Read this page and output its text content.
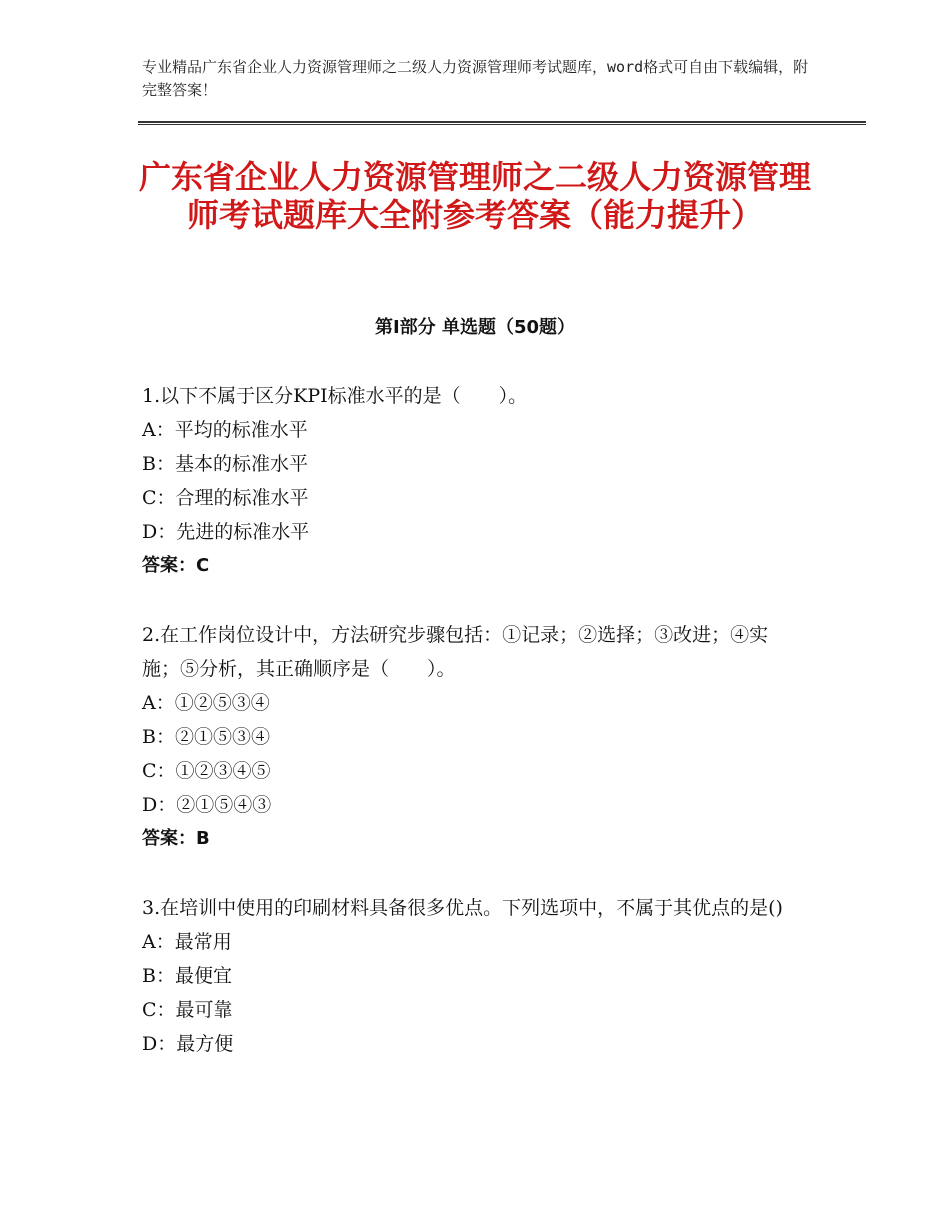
专业精品广东省企业人力资源管理师之二级人力资源管理师考试题库，word格式可自由下载编辑，附完整答案！
广东省企业人力资源管理师之二级人力资源管理师考试题库大全附参考答案（能力提升）
第Ⅰ部分 单选题（50题）

1.以下不属于区分KPI标准水平的是（　　）。

A：平均的标准水平

B：基本的标准水平

C：合理的标准水平

D：先进的标准水平

答案：C

2.在工作岗位设计中，方法研究步骤包括：①记录；②选择；③改进；④实施；⑤分析，其正确顺序是（　　）。

A：①②⑤③④

B：②①⑤③④

C：①②③④⑤

D：②①⑤④③

答案：B

3.在培训中使用的印刷材料具备很多优点。下列选项中，不属于其优点的是()

A：最常用

B：最便宜

C：最可靠

D：最方便
